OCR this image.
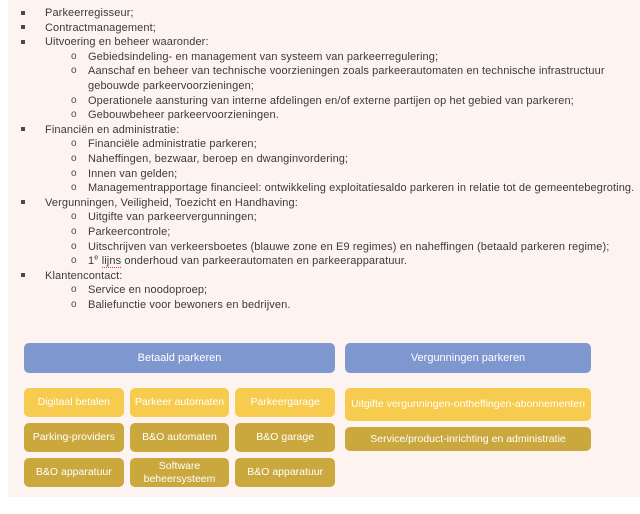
Parkeerregisseur;
Contractmanagement;
Uitvoering en beheer waaronder:
o	Gebiedsindeling- en management van systeem van parkeerregulering;
o	Aanschaf en beheer van technische voorzieningen zoals parkeerautomaten en technische infrastructuur gebouwde parkeervoorzieningen;
o	Operationele aansturing van interne afdelingen en/of externe partijen op het gebied van parkeren;
o	Gebouwbeheer parkeervoorzieningen.
Financiën en administratie:
o	Financiële administratie parkeren;
o	Naheffingen, bezwaar, beroep en dwanginvordering;
o	Innen van gelden;
o	Managementrapportage financieel: ontwikkeling exploitatiesaldo parkeren in relatie tot de gemeentebegroting.
Vergunningen, Veiligheid, Toezicht en Handhaving:
o	Uitgifte van parkeervergunningen;
o	Parkeercontrole;
o	Uitschrijven van verkeersboetes (blauwe zone en E9 regimes) en naheffingen (betaald parkeren regime);
o	1e lijns onderhoud van parkeerautomaten en parkeerapparatuur.
Klantencontact:
o	Service en noodoproep;
o	Baliefunctie voor bewoners en bedrijven.
Betaald parkeren
Digitaal betalen	Parkeer automaten	Parkeergarage
Parking-providers	B&O automaten	B&O garage
B&O apparatuur
Software beheersysteem
B&O apparatuur
Vergunningen parkeren
Uitgifte vergunningen-ontheffingen-abonnementen
Service/product-inrichting en administratie
